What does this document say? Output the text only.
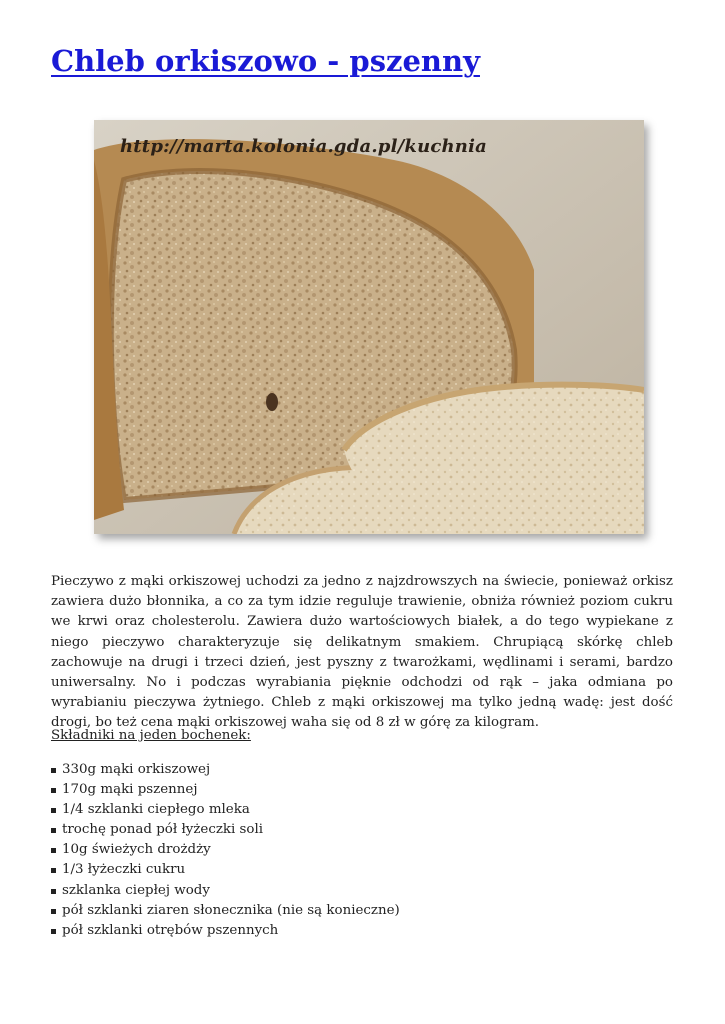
Chleb orkiszowo - pszenny
http://marta.kolonia.gda.pl/kuchnia

Pieczywo z mąki orkiszowej uchodzi za jedno z najzdrowszych na świecie, ponieważ orkisz zawiera dużo błonnika, a co za tym idzie reguluje trawienie, obniża również poziom cukru we krwi oraz cholesterolu. Zawiera dużo wartościowych białek, a do tego wypiekane z niego pieczywo charakteryzuje się delikatnym smakiem. Chrupiącą skórkę chleb zachowuje na drugi i trzeci dzień, jest pyszny z twarożkami, wędlinami i serami, bardzo uniwersalny. No i podczas wyrabiania pięknie odchodzi od rąk – jaka odmiana po wyrabianiu pieczywa żytniego. Chleb z mąki orkiszowej ma tylko jedną wadę: jest dość drogi, bo też cena mąki orkiszowej waha się od 8 zł w górę za kilogram.

Składniki na jeden bochenek:

330g mąki orkiszowej
170g mąki pszennej
1/4 szklanki ciepłego mleka
trochę ponad pół łyżeczki soli
10g świeżych drożdży
1/3 łyżeczki cukru
szklanka ciepłej wody
pół szklanki ziaren słonecznika (nie są konieczne)
pół szklanki otrębów pszennych
